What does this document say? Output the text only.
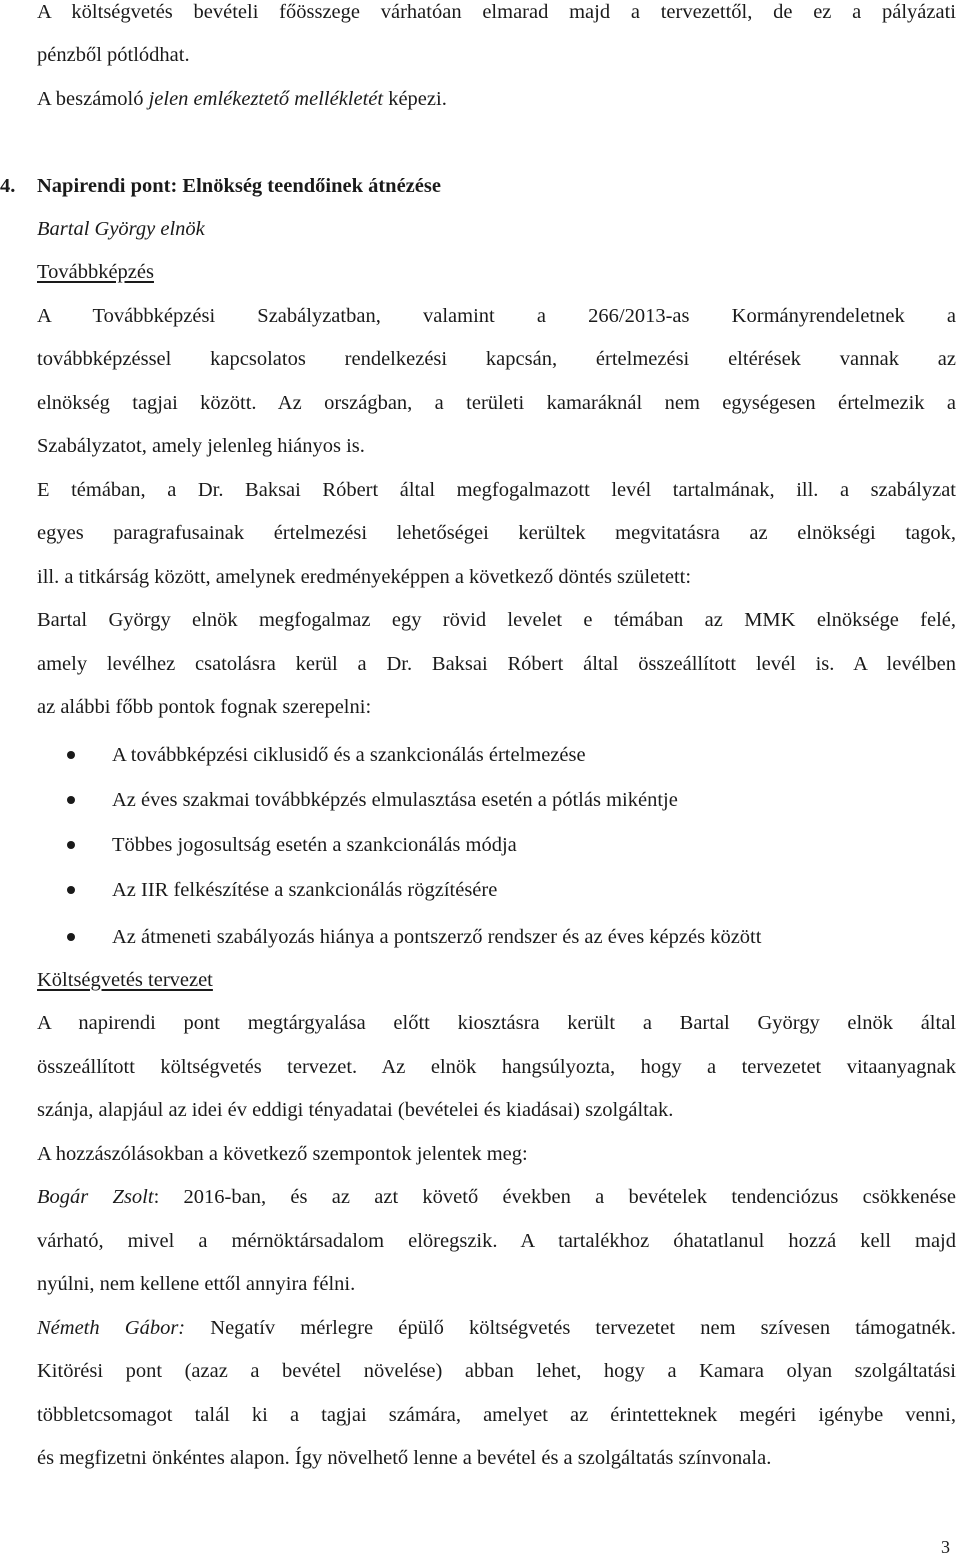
A költségvetés bevételi főösszege várhatóan elmarad majd a tervezettől, de ez a pályázati
pénzből pótlódhat.
A beszámoló jelen emlékeztető mellékletét képezi.
4. Napirendi pont: Elnökség teendőinek átnézése
Bartal György elnök
Továbbképzés
A Továbbképzési Szabályzatban, valamint a 266/2013-as Kormányrendeletnek a
továbbképzéssel kapcsolatos rendelkezési kapcsán, értelmezési eltérések vannak az
elnökség tagjai között. Az országban, a területi kamaráknál nem egységesen értelmezik a
Szabályzatot, amely jelenleg hiányos is.
E témában, a Dr. Baksai Róbert által megfogalmazott levél tartalmának, ill. a szabályzat
egyes paragrafusainak értelmezési lehetőségei kerültek megvitatásra az elnökségi tagok,
ill. a titkárság között, amelynek eredményeképpen a következő döntés született:
Bartal György elnök megfogalmaz egy rövid levelet e témában az MMK elnöksége felé,
amely levélhez csatolásra kerül a Dr. Baksai Róbert által összeállított levél is. A levélben
az alábbi főbb pontok fognak szerepelni:
A továbbképzési ciklusidő és a szankcionálás értelmezése
Az éves szakmai továbbképzés elmulasztása esetén a pótlás mikéntje
Többes jogosultság esetén a szankcionálás módja
Az IIR felkészítése a szankcionálás rögzítésére
Az átmeneti szabályozás hiánya a pontszerző rendszer és az éves képzés között
Költségvetés tervezet
A napirendi pont megtárgyalása előtt kiosztásra került a Bartal György elnök által
összeállított költségvetés tervezet. Az elnök hangsúlyozta, hogy a tervezetet vitaanyagnak
szánja, alapjául az idei év eddigi tényadatai (bevételei és kiadásai) szolgáltak.
A hozzászólásokban a következő szempontok jelentek meg:
Bogár Zsolt: 2016-ban, és az azt követő években a bevételek tendenciózus csökkenése
várható, mivel a mérnöktársadalom elöregszik. A tartalékhoz óhatatlanul hozzá kell majd
nyúlni, nem kellene ettől annyira félni.
Németh Gábor: Negatív mérlegre épülő költségvetés tervezetet nem szívesen támogatnék.
Kitörési pont (azaz a bevétel növelése) abban lehet, hogy a Kamara olyan szolgáltatási
többletcsomagot talál ki a tagjai számára, amelyet az érintetteknek megéri igénybe venni,
és megfizetni önkéntes alapon. Így növelhető lenne a bevétel és a szolgáltatás színvonala.
3
